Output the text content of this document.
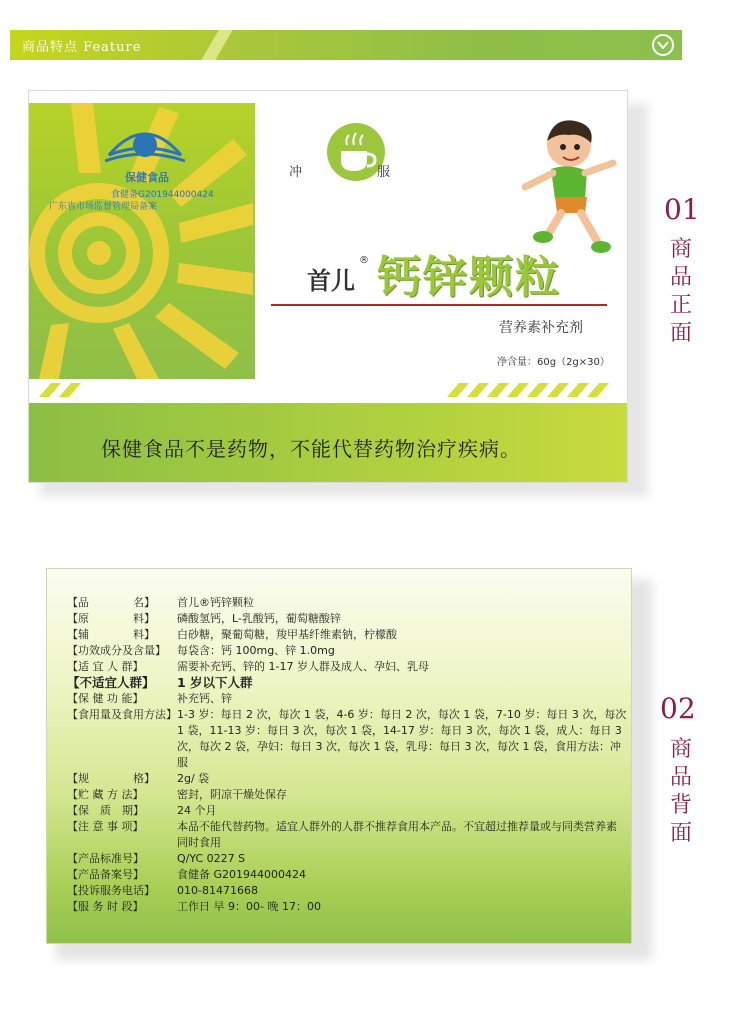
商品特点 Feature
保健食品
食健备G201944000424
广东省市场监督管理局备案
冲	服
首儿
® 钙锌颗粒
营养素补充剂
净含量：60g（2g×30）
保健食品不是药物，不能代替药物治疗疾病。
01
商
品
正
面
02
商
品
背
面
【品　　　　名】	首儿®钙锌颗粒
【原　　　　料】	磷酸氢钙，L-乳酸钙，葡萄糖酸锌
【辅　　　　料】	白砂糖，聚葡萄糖，羧甲基纤维素钠，柠檬酸
【功效成分及含量】	每袋含：钙 100mg、锌 1.0mg
【适 宜 人 群】	需要补充钙、锌的 1-17 岁人群及成人、孕妇、乳母
【不适宜人群】	1 岁以下人群
【保 健 功 能】	补充钙、锌
【食用量及食用方法】 1-3 岁：每日 2 次，每次 1 袋，4-6 岁：每日 2 次，每次 1 袋，7-10 岁：每日 3 次，每次 1 袋，11-13 岁：每日 3 次，每次 1 袋，14-17 岁：每日 3 次，每次 1 袋，成人：每日 3 次，每次 2 袋，孕妇：每日 3 次，每次 1 袋，乳母：每日 3 次，每次 1 袋，食用方法：冲服
【规　　　　格】	2g/ 袋
【贮 藏 方 法】	密封，阴凉干燥处保存
【保　质　期】	24 个月
【注 意 事 项】	本品不能代替药物。适宜人群外的人群不推荐食用本产品。不宜超过推荐量或与同类营养素同时食用
【产品标准号】	Q/YC 0227 S
【产品备案号】	食健备 G201944000424
【投诉服务电话】	010-81471668
【服 务 时 段】	工作日 早 9：00- 晚 17：00
